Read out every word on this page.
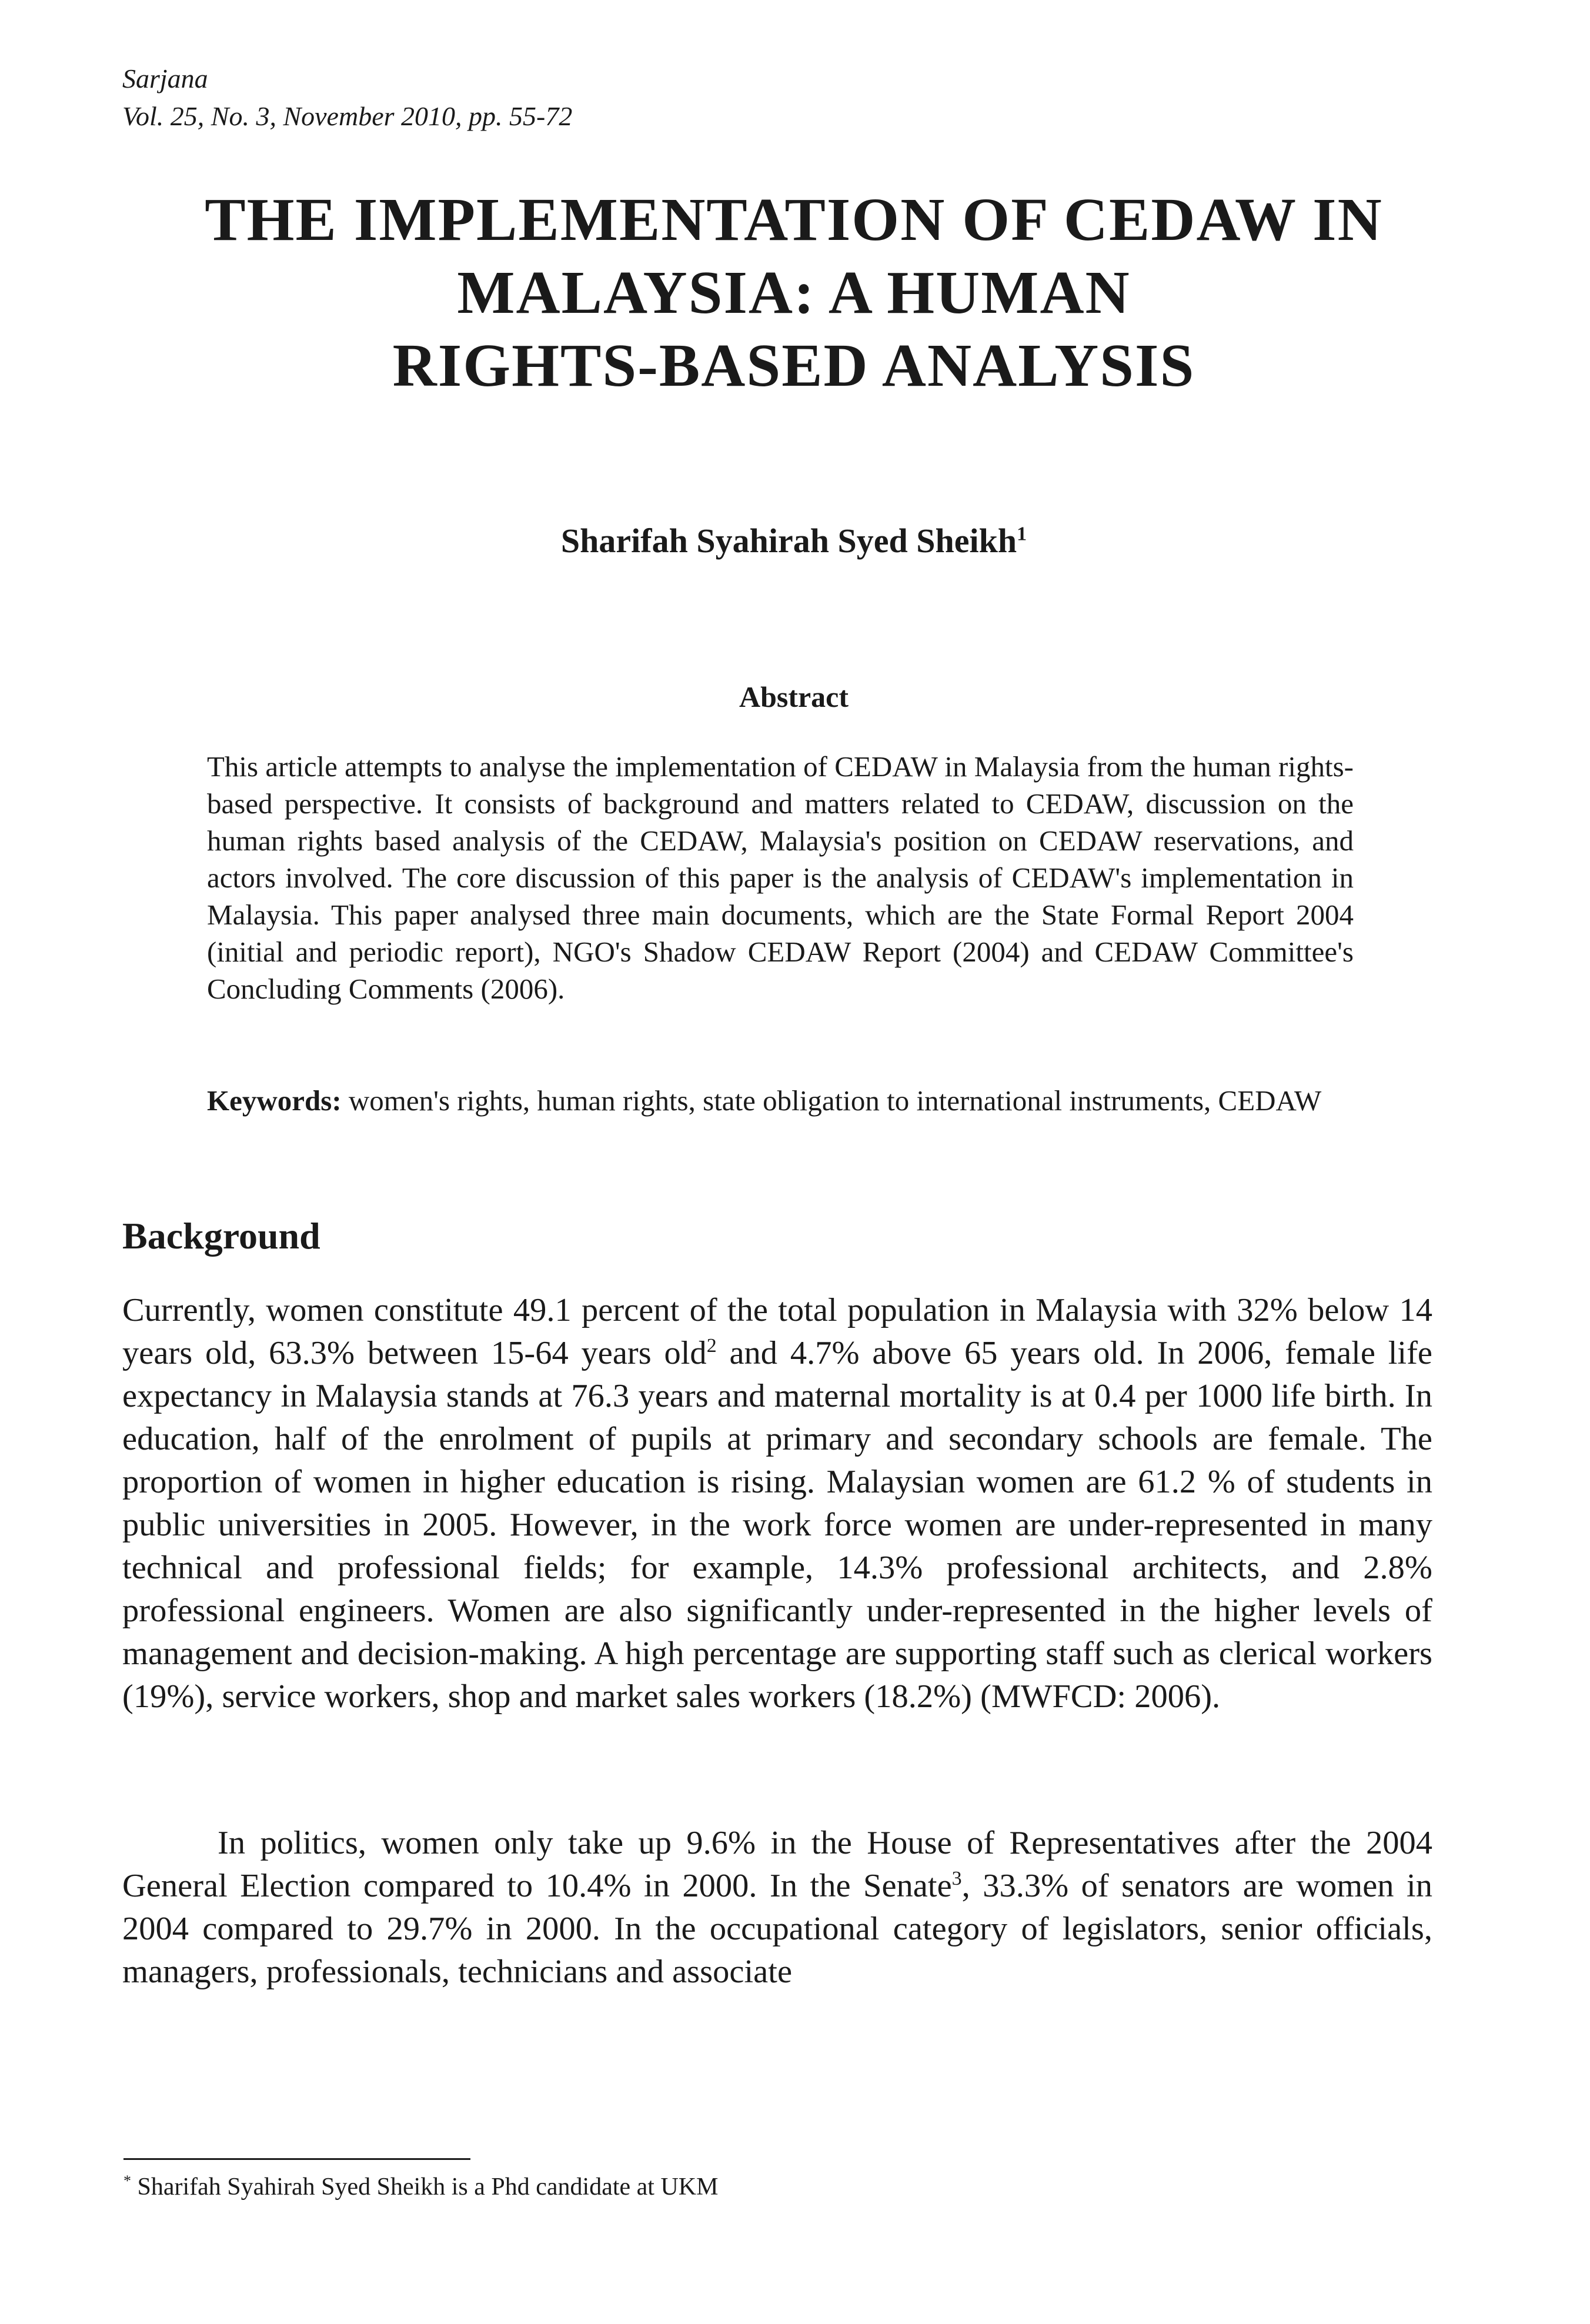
Sarjana
Vol. 25, No. 3, November 2010, pp. 55-72
THE IMPLEMENTATION OF CEDAW IN
MALAYSIA: A HUMAN
RIGHTS-BASED ANALYSIS
Sharifah Syahirah Syed Sheikh$^1$
Abstract

This article attempts to analyse the implementation of CEDAW in Malaysia from the human rights-based perspective. It consists of background and matters related to CEDAW, discussion on the human rights based analysis of the CEDAW, Malaysia's position on CEDAW reservations, and actors involved. The core discussion of this paper is the analysis of CEDAW's implementation in Malaysia. This paper analysed three main documents, which are the State Formal Report 2004 (initial and periodic report), NGO's Shadow CEDAW Report (2004) and CEDAW Committee's Concluding Comments (2006).

Keywords: women's rights, human rights, state obligation to international instruments, CEDAW

Background

Currently, women constitute 49.1 percent of the total population in Malaysia with 32% below 14 years old, 63.3% between 15-64 years old$^2$ and 4.7% above 65 years old. In 2006, female life expectancy in Malaysia stands at 76.3 years and maternal mortality is at 0.4 per 1000 life birth. In education, half of the enrolment of pupils at primary and secondary schools are female. The proportion of women in higher education is rising. Malaysian women are 61.2 % of students in public universities in 2005. However, in the work force women are under-represented in many technical and professional fields; for example, 14.3% professional architects, and 2.8% professional engineers. Women are also significantly under-represented in the higher levels of management and decision-making. A high percentage are supporting staff such as clerical workers (19%), service workers, shop and market sales workers (18.2%) (MWFCD: 2006).

In politics, women only take up 9.6% in the House of Representatives after the 2004 General Election compared to 10.4% in 2000. In the Senate$^3$, 33.3% of senators are women in 2004 compared to 29.7% in 2000. In the occupational category of legislators, senior officials, managers, professionals, technicians and associate

* Sharifah Syahirah Syed Sheikh is a Phd candidate at UKM
